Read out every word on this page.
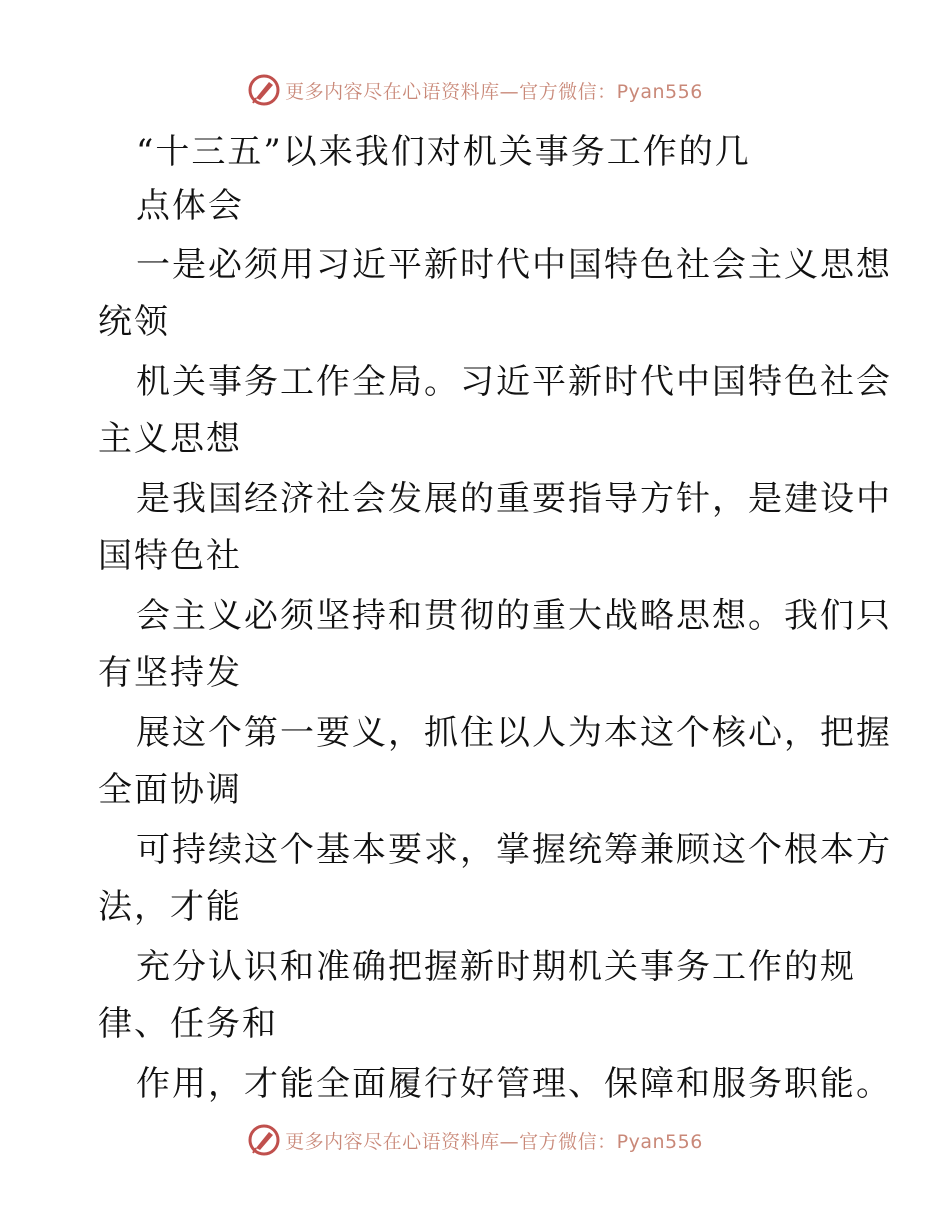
更多内容尽在心语资料库—官方微信：Pyan556
“十三五”以来我们对机关事务工作的几
点体会
一是必须用习近平新时代中国特色社会主义思想
统领
机关事务工作全局。习近平新时代中国特色社会
主义思想
是我国经济社会发展的重要指导方针，是建设中
国特色社
会主义必须坚持和贯彻的重大战略思想。我们只
有坚持发
展这个第一要义，抓住以人为本这个核心，把握
全面协调
可持续这个基本要求，掌握统筹兼顾这个根本方
法，才能
充分认识和准确把握新时期机关事务工作的规
律、任务和
作用，才能全面履行好管理、保障和服务职能。
更多内容尽在心语资料库—官方微信：Pyan556
